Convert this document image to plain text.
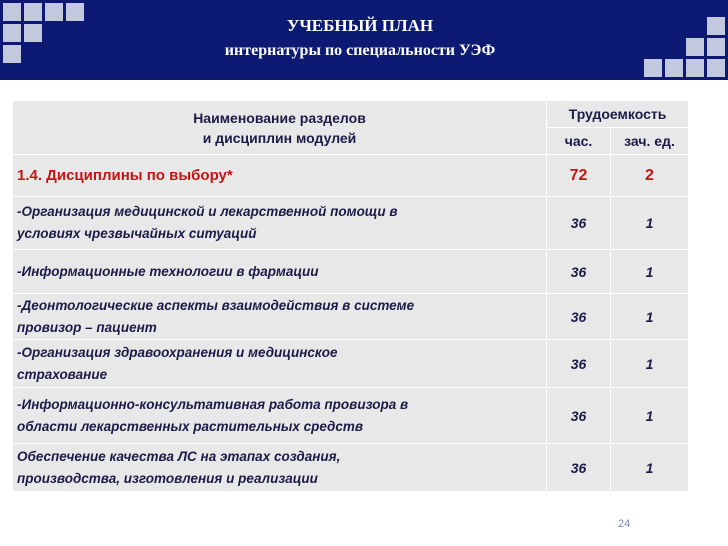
УЧЕБНЫЙ ПЛАН
интернатуры по специальности УЭФ
Наименование разделов
и дисциплин модулей	Трудоемкость	
	час.	зач. ед.
1.4. Дисциплины по выбору*	72	2

-Организация медицинской и лекарственной помощи в
условиях чрезвычайных ситуаций	36	1

-Информационные технологии в фармации	36	1

-Деонтологические аспекты взаимодействия в системе
провизор – пациент	36	1

-Организация здравоохранения и медицинское
страхование	36	1

-Информационно-консультативная работа провизора в
области лекарственных растительных средств	36	1

Обеспечение качества ЛС на этапах создания,
производства, изготовления и реализации	36	1
24
